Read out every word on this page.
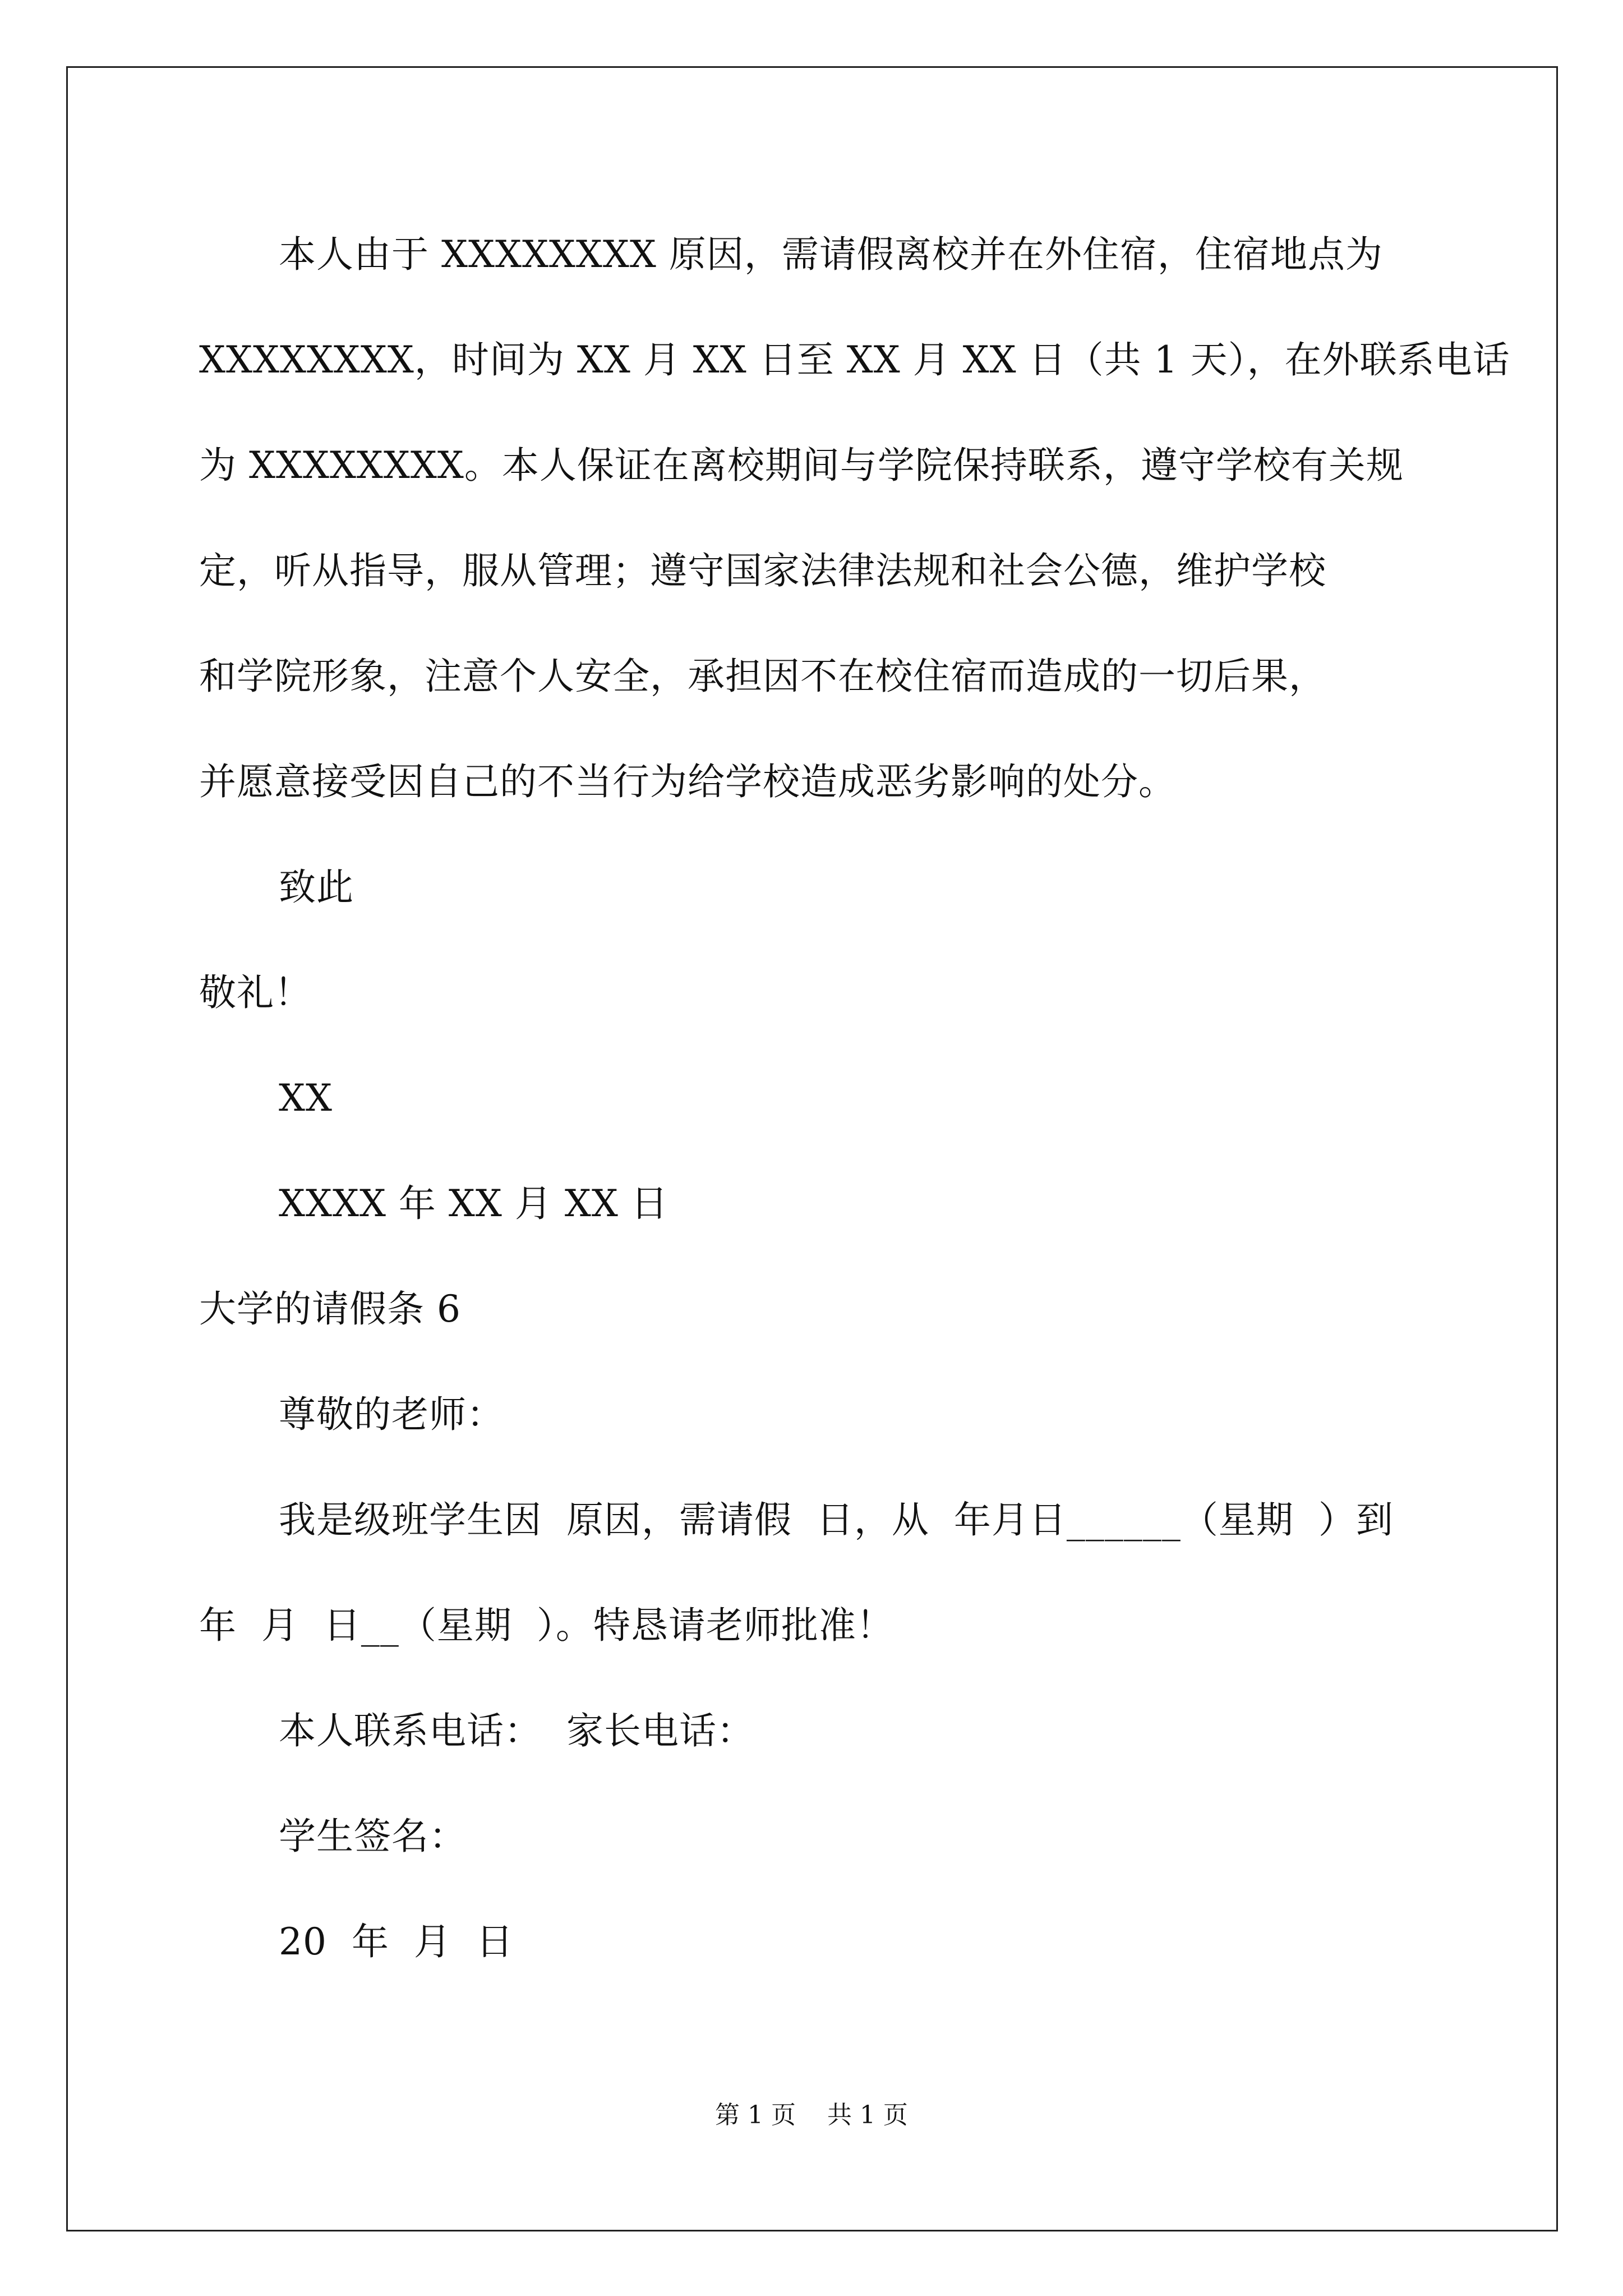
本人由于 XXXXXXXX 原因，需请假离校并在外住宿，住宿地点为
XXXXXXXX，时间为 XX 月 XX 日至 XX 月 XX 日（共 1 天），在外联系电话
为 XXXXXXXX。本人保证在离校期间与学院保持联系，遵守学校有关规
定，听从指导，服从管理；遵守国家法律法规和社会公德，维护学校
和学院形象，注意个人安全，承担因不在校住宿而造成的一切后果，
并愿意接受因自己的不当行为给学校造成恶劣影响的处分。
致此
敬礼！
XX
XXXX 年 XX 月 XX 日
大学的请假条 6
尊敬的老师：
我是级班学生因  原因，需请假  日，从  年月日______（星期  ）到
年  月  日__（星期  ）。特恳请老师批准！
本人联系电话：  家长电话：
学生签名：
20  年  月  日
第 1 页    共 1 页
